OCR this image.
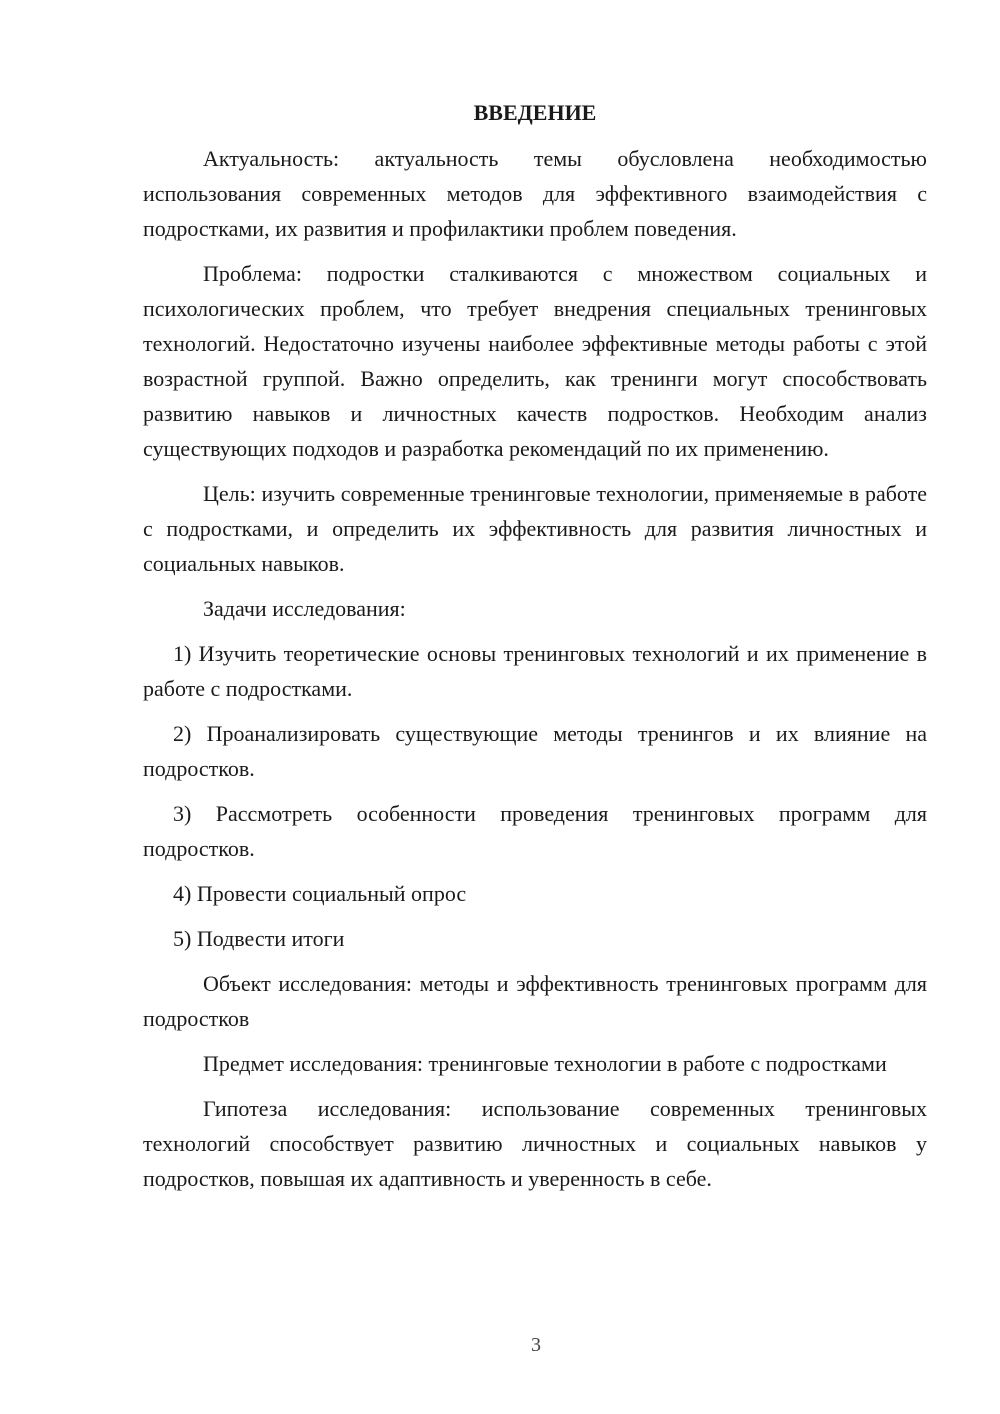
ВВЕДЕНИЕ

Актуальность: актуальность темы обусловлена необходимостью использования современных методов для эффективного взаимодействия с подростками, их развития и профилактики проблем поведения.

Проблема: подростки сталкиваются с множеством социальных и психологических проблем, что требует внедрения специальных тренинговых технологий. Недостаточно изучены наиболее эффективные методы работы с этой возрастной группой. Важно определить, как тренинги могут способствовать развитию навыков и личностных качеств подростков. Необходим анализ существующих подходов и разработка рекомендаций по их применению.

Цель: изучить современные тренинговые технологии, применяемые в работе с подростками, и определить их эффективность для развития личностных и социальных навыков.

Задачи исследования:

1) Изучить теоретические основы тренинговых технологий и их применение в работе с подростками.

2) Проанализировать существующие методы тренингов и их влияние на подростков.

3) Рассмотреть особенности проведения тренинговых программ для подростков.

4) Провести социальный опрос

5) Подвести итоги

Объект исследования: методы и эффективность тренинговых программ для подростков

Предмет исследования: тренинговые технологии в работе с подростками

Гипотеза исследования: использование современных тренинговых технологий способствует развитию личностных и социальных навыков у подростков, повышая их адаптивность и уверенность в себе.

3
